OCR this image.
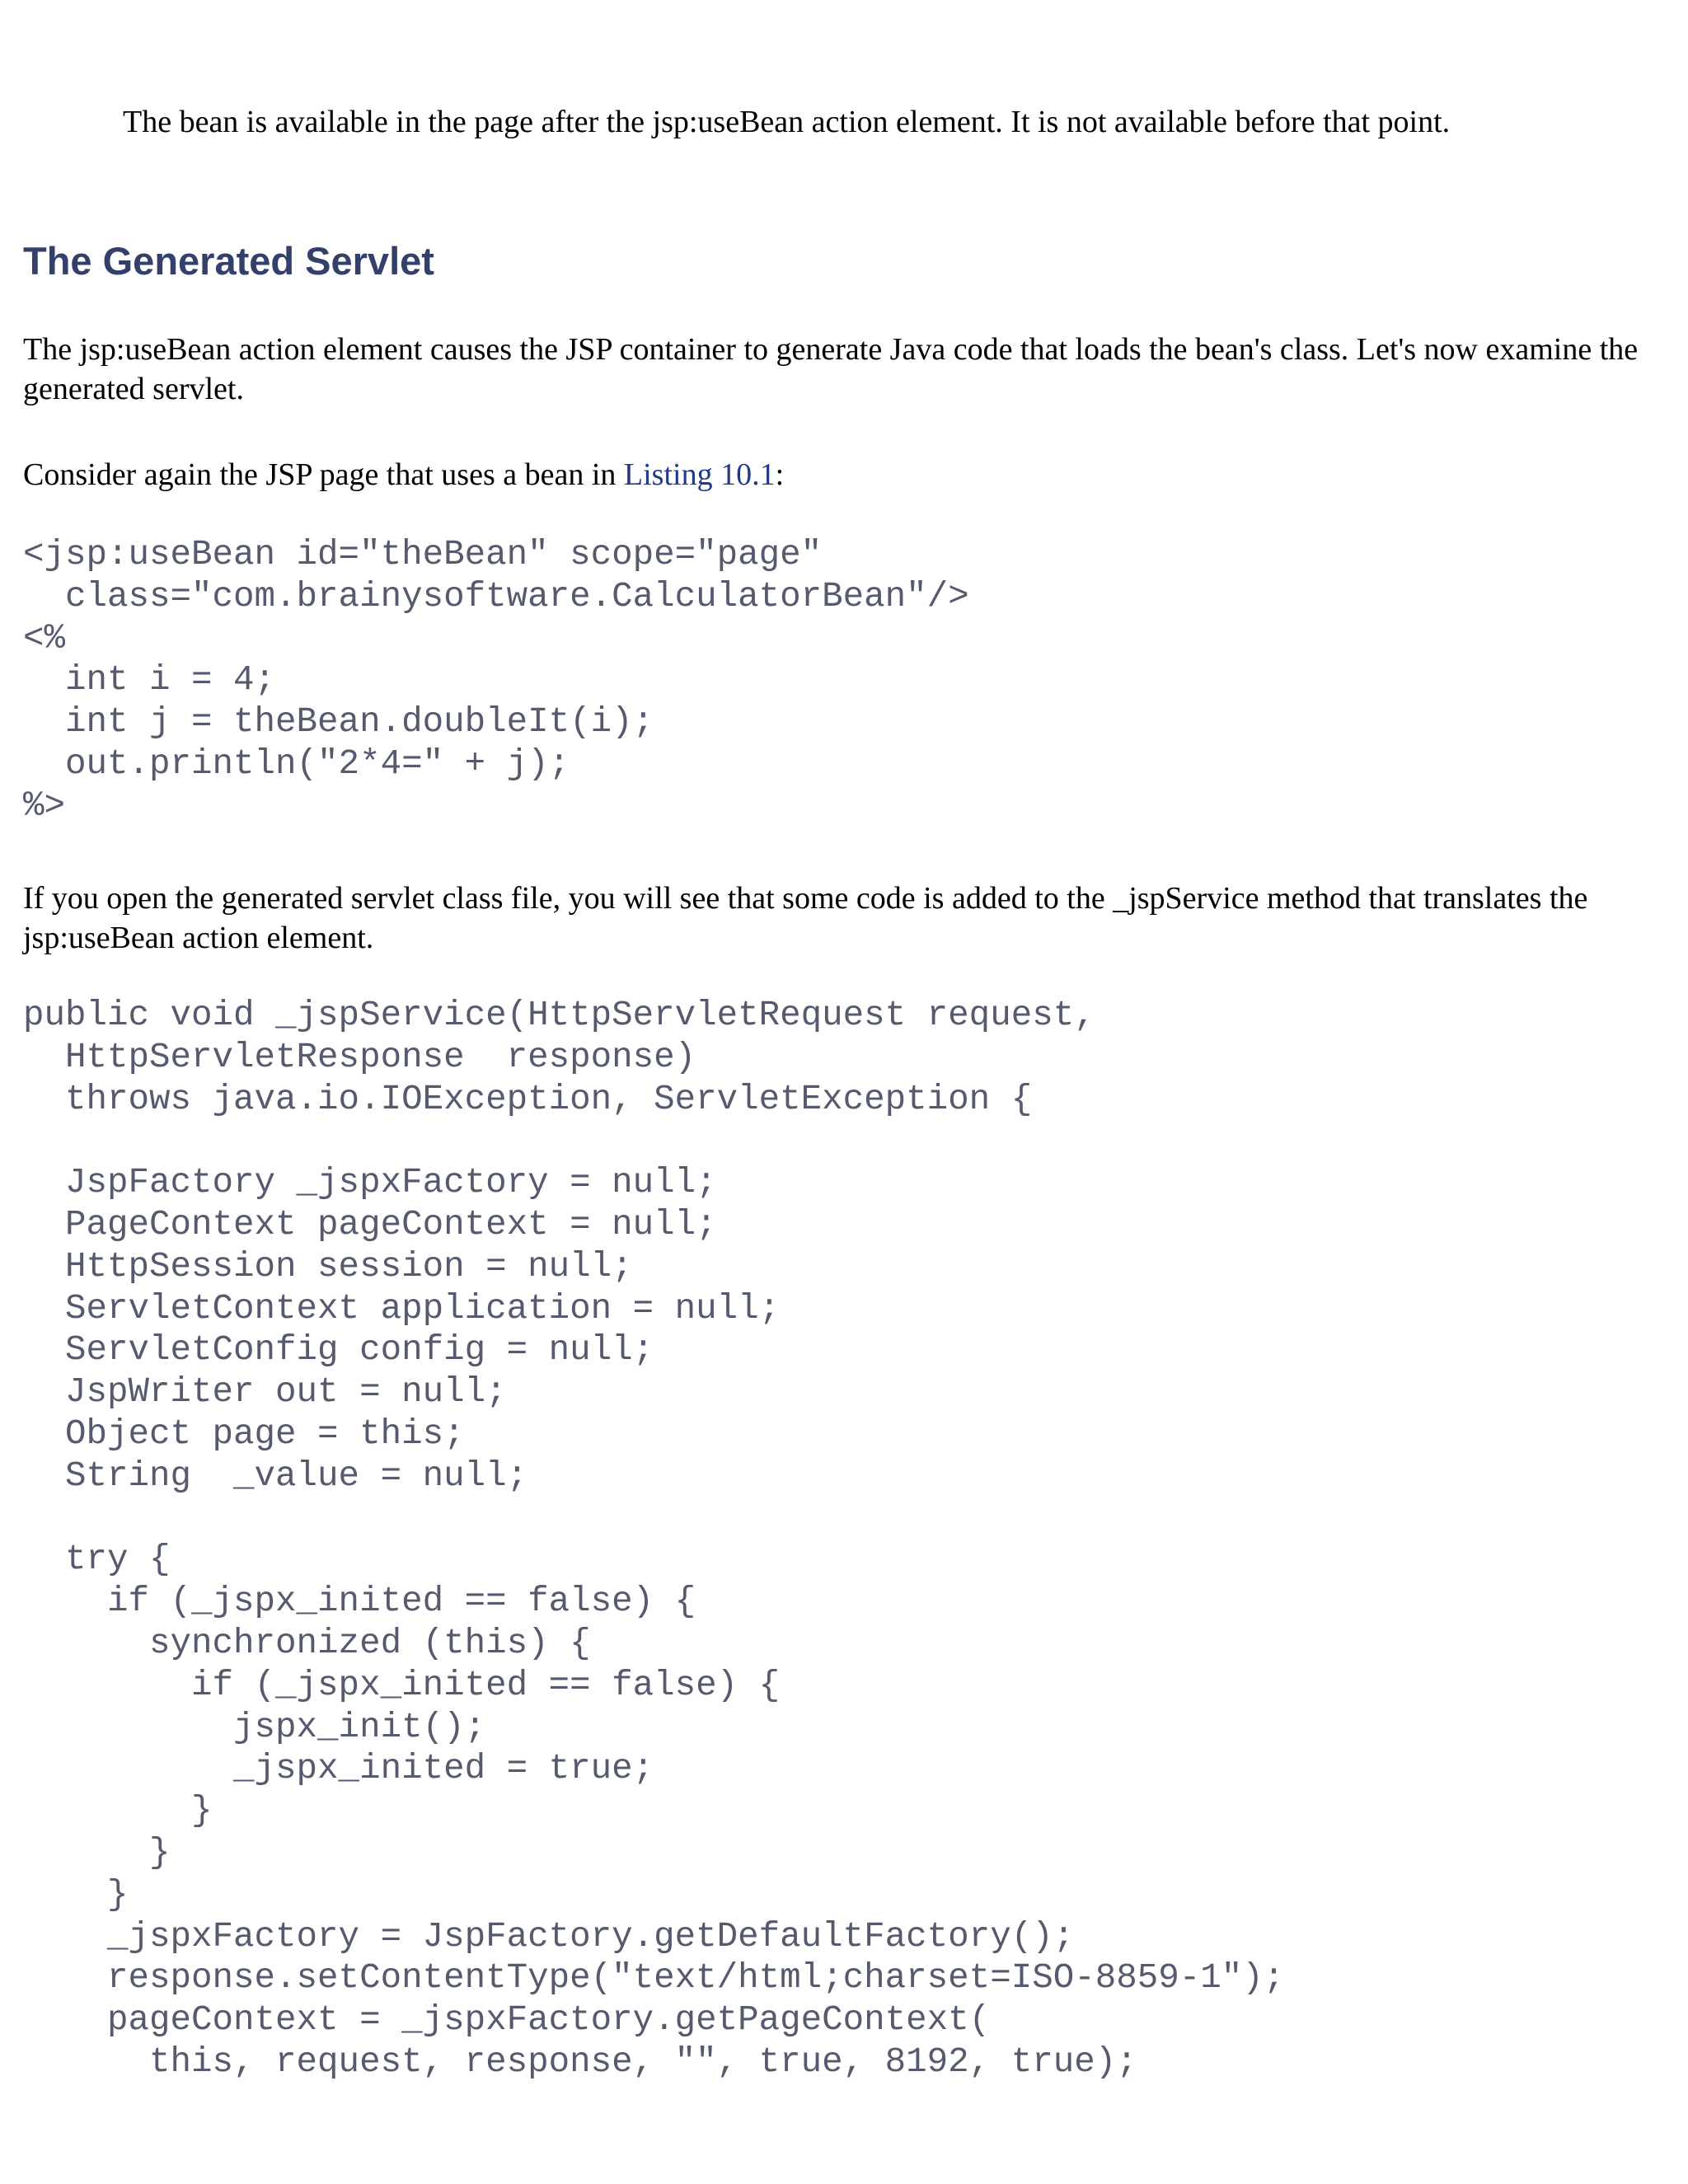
The bean is available in the page after the jsp:useBean action element. It is not available before that point.

The Generated Servlet

The jsp:useBean action element causes the JSP container to generate Java code that loads the bean's class. Let's now examine the generated servlet.

Consider again the JSP page that uses a bean in Listing 10.1:

<jsp:useBean id="theBean" scope="page"
class="com.brainysoftware.CalculatorBean"/>
<%
int i = 4;
int j = theBean.doubleIt(i);
out.println("2*4=" + j);
%>

If you open the generated servlet class file, you will see that some code is added to the _jspService method that translates the jsp:useBean action element.

public void _jspService(HttpServletRequest request,
HttpServletResponse  response)
throws java.io.IOException, ServletException {

JspFactory _jspxFactory = null;
PageContext pageContext = null;
HttpSession session = null;
ServletContext application = null;
ServletConfig config = null;
JspWriter out = null;
Object page = this;
String  _value = null;

try {
if (_jspx_inited == false) {
synchronized (this) {
if (_jspx_inited == false) {
jspx_init();
_jspx_inited = true;
}
}
}
_jspxFactory = JspFactory.getDefaultFactory();
response.setContentType("text/html;charset=ISO-8859-1");
pageContext = _jspxFactory.getPageContext(
this, request, response, "", true, 8192, true);
